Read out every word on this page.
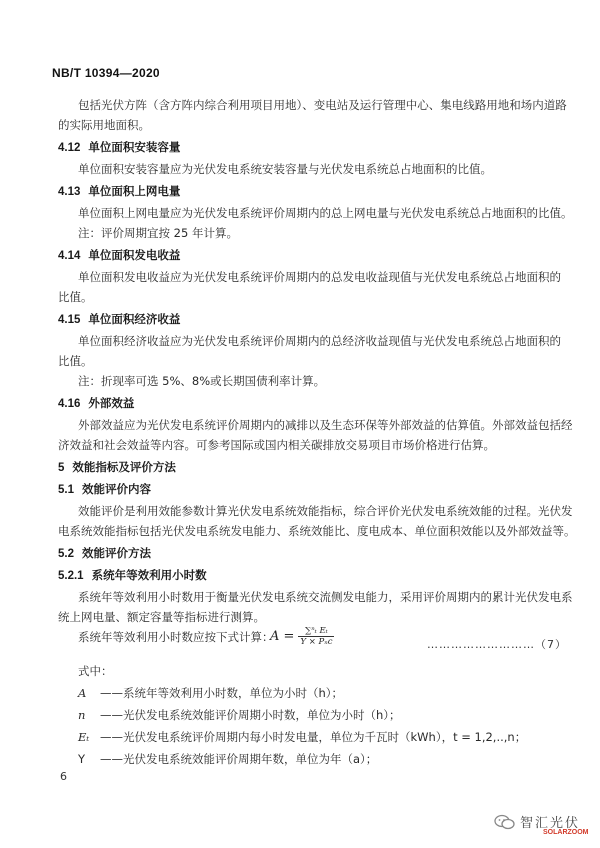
NB/T 10394—2020
包括光伏方阵（含方阵内综合利用项目用地）、变电站及运行管理中心、集电线路用地和场内道路
的实际用地面积。
4.12 单位面积安装容量
单位面积安装容量应为光伏发电系统安装容量与光伏发电系统总占地面积的比值。
4.13 单位面积上网电量
单位面积上网电量应为光伏发电系统评价周期内的总上网电量与光伏发电系统总占地面积的比值。
注：评价周期宜按 25 年计算。
4.14 单位面积发电收益
单位面积发电收益应为光伏发电系统评价周期内的总发电收益现值与光伏发电系统总占地面积的
比值。
4.15 单位面积经济收益
单位面积经济收益应为光伏发电系统评价周期内的总经济收益现值与光伏发电系统总占地面积的
比值。
注：折现率可选 5%、8%或长期国债利率计算。
4.16 外部效益
外部效益应为光伏发电系统评价周期内的减排以及生态环保等外部效益的估算值。外部效益包括经
济效益和社会效益等内容。可参考国际或国内相关碳排放交易项目市场价格进行估算。
5 效能指标及评价方法
5.1 效能评价内容
效能评价是利用效能参数计算光伏发电系统效能指标，综合评价光伏发电系统效能的过程。光伏发
电系统效能指标包括光伏发电系统发电能力、系统效能比、度电成本、单位面积效能以及外部效益等。
5.2 效能评价方法
5.2.1 系统年等效利用小时数
系统年等效利用小时数用于衡量光伏发电系统交流侧发电能力，采用评价周期内的累计光伏发电系
统上网电量、额定容量等指标进行测算。
系统年等效利用小时数应按下式计算：
$A = \frac{\text{∑ⁿₜ Eₜ}}{\text{Y × Pₙc}}$	………………………（7）
式中：
A ——系统年等效利用小时数，单位为小时（h）；
n ——光伏发电系统效能评价周期小时数，单位为小时（h）；
Eₜ ——光伏发电系统评价周期内每小时发电量，单位为千瓦时（kWh），t = 1,2,..,n；
Y ——光伏发电系统效能评价周期年数，单位为年（a）；
6
智汇光伏
SOLARZOOM
